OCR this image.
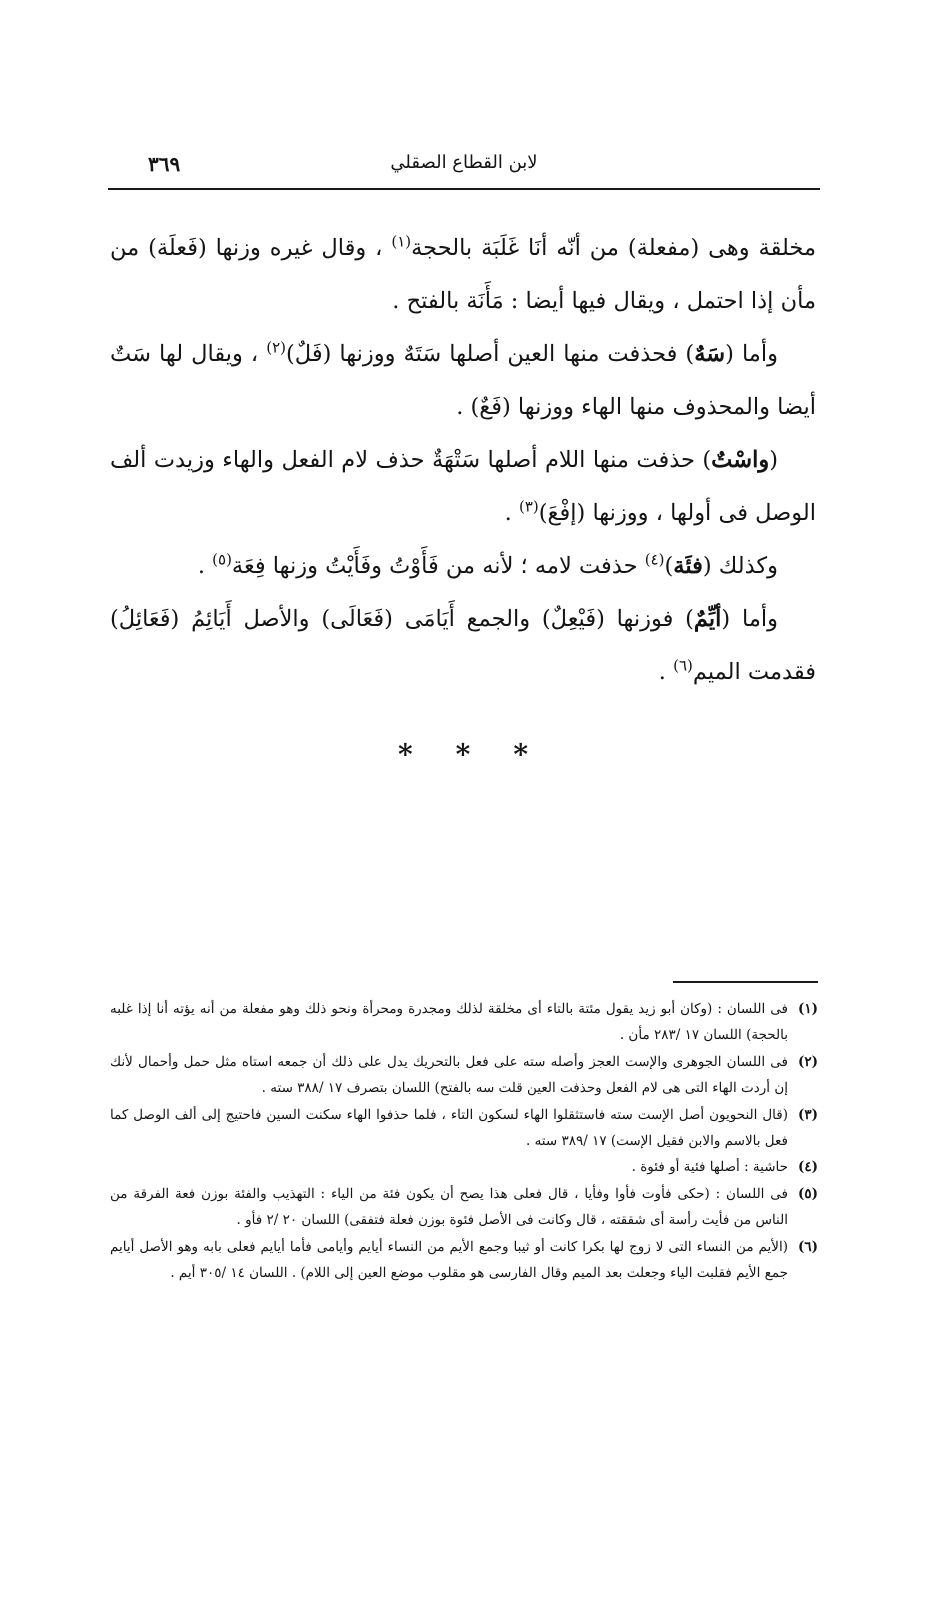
لابن القطاع الصقلي
٣٦٩

مخلقة وهى (مفعلة) من أنّه أنَا غَلَبَة بالحجة$^{(١)}$ ، وقال غيره وزنها (فَعلَة) من مأن إذا احتمل ، ويقال فيها أيضا : مَأَنَة بالفتح .

وأما (سَهٌ) فحذفت منها العين أصلها سَتَهٌ ووزنها (فَلٌ)$^{(٢)}$ ، ويقال لها سَتٌ أيضا والمحذوف منها الهاء ووزنها (فَعٌ) .

(واسْتٌ) حذفت منها اللام أصلها سَتْهَةٌ حذف لام الفعل والهاء وزيدت ألف الوصل فى أولها ، ووزنها (إفْعَ)$^{(٣)}$ .

وكذلك (فئَة)$^{(٤)}$ حذفت لامه ؛ لأنه من فَأَوْتُ وفَأَيْتُ وزنها فِعَة$^{(٥)}$ .

وأما (أيِّمٌ) فوزنها (فَيْعِلٌ) والجمع أَيَامَى (فَعَالَى) والأصل أَيَائِمُ (فَعَائِلُ) فقدمت الميم$^{(٦)}$ .

*
*
*

(١)
فى اللسان : (وكان أبو زيد يقول مئتة بالتاء أى مخلقة لذلك ومجدرة ومحرأة ونحو ذلك وهو مفعلة من أنه يؤته أنا إذا غلبه بالحجة) اللسان ١٧ /٢٨٣ مأن .

(٢)
فى اللسان الجوهرى والإست العجز وأصله سته على فعل بالتحريك يدل على ذلك أن جمعه استاه مثل حمل وأحمال لأنك إن أردت الهاء التى هى لام الفعل وحذفت العين قلت سه بالفتح) اللسان بتصرف ١٧ /٣٨٨ سته .

(٣)
(قال النحويون أصل الإست سته فاستثقلوا الهاء لسكون التاء ، فلما حذفوا الهاء سكنت السين فاحتيج إلى ألف الوصل كما فعل بالاسم والابن فقيل الإست) ١٧ /٣٨٩ سته .

(٤)
حاشية : أصلها فئية أو فئوة .

(٥)
فى اللسان : (حكى فأوت فأوا وفأيا ، قال فعلى هذا يصح أن يكون فئة من الياء : التهذيب والفئة بوزن فعة الفرقة من الناس من فأيت رأسة أى شققته ، قال وكانت فى الأصل فئوة بوزن فعلة فتفقى) اللسان ٢٠ /٢ فأو .

(٦)
(الأيم من النساء التى لا زوج لها بكرا كانت أو ثيبا وجمع الأيم من النساء أيايم وأيامى فأما أيايم فعلى بابه وهو الأصل أيايم جمع الأيم فقلبت الياء وجعلت بعد الميم وقال الفارسى هو مقلوب موضع العين إلى اللام) . اللسان ١٤ /٣٠٥ أيم .
